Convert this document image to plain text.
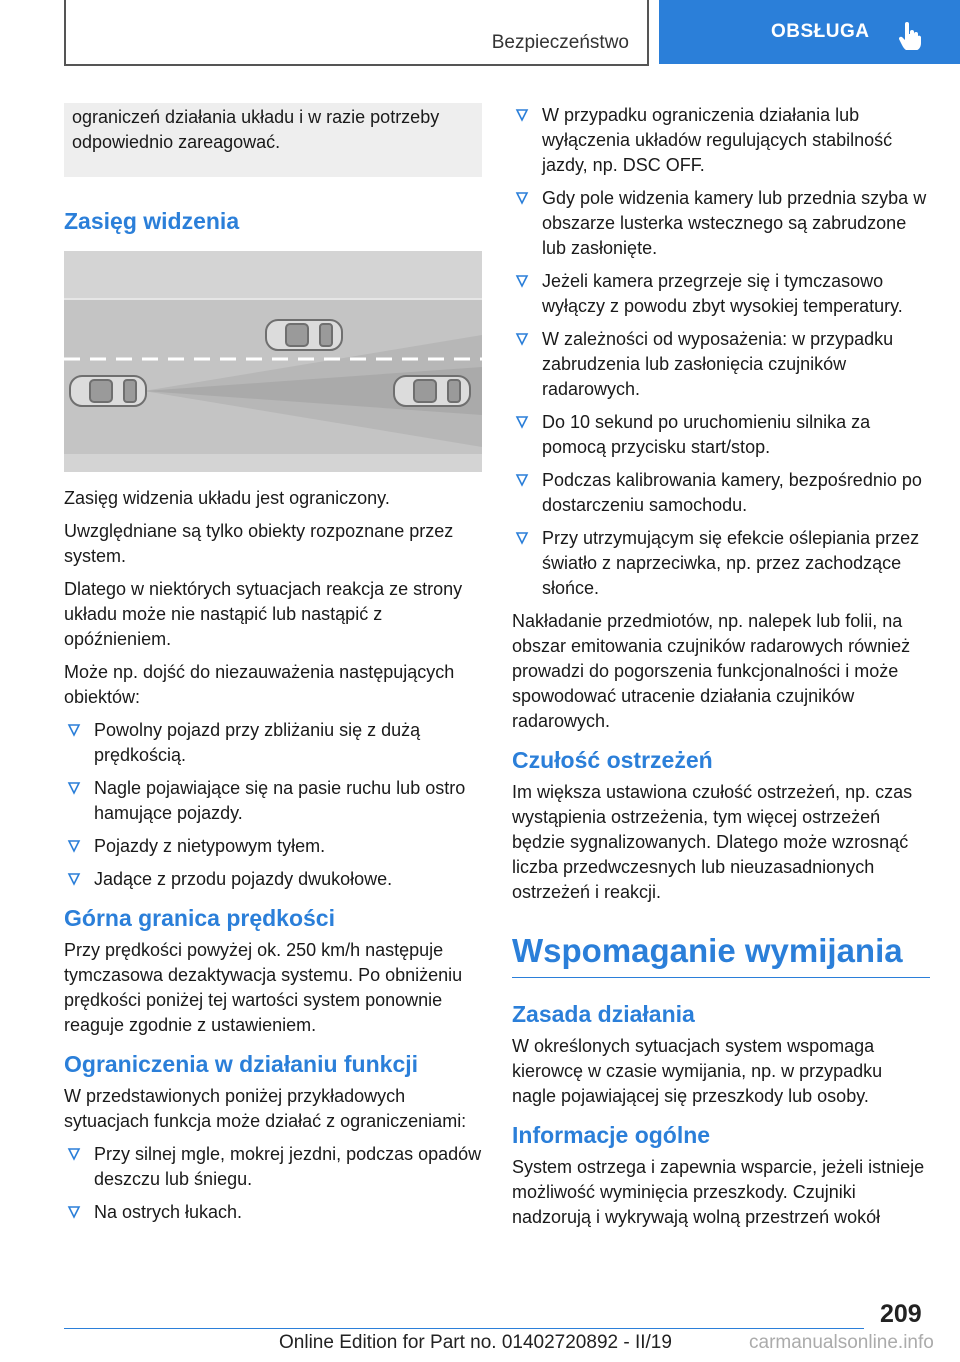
Bezpieczeństwo
OBSŁUGA
ograniczeń działania układu i w razie potrzeby odpowiednio zareagować.
Zasięg widzenia

Zasięg widzenia układu jest ograniczony.

Uwzględniane są tylko obiekty rozpoznane przez system.

Dlatego w niektórych sytuacjach reakcja ze strony układu może nie nastąpić lub nastąpić z opóźnieniem.

Może np. dojść do niezauważenia następujących obiektów:

Powolny pojazd przy zbliżaniu się z dużą prędkością.
Nagle pojawiające się na pasie ruchu lub ostro hamujące pojazdy.
Pojazdy z nietypowym tyłem.
Jadące z przodu pojazdy dwukołowe.
Górna granica prędkości

Przy prędkości powyżej ok. 250 km/h następuje tymczasowa dezaktywacja systemu. Po obniżeniu prędkości poniżej tej wartości system ponownie reaguje zgodnie z ustawieniem.

Ograniczenia w działaniu funkcji

W przedstawionych poniżej przykładowych sytuacjach funkcja może działać z ograniczeniami:

Przy silnej mgle, mokrej jezdni, podczas opadów deszczu lub śniegu.
Na ostrych łukach.
W przypadku ograniczenia działania lub wyłączenia układów regulujących stabilność jazdy, np. DSC OFF.
Gdy pole widzenia kamery lub przednia szyba w obszarze lusterka wstecznego są zabrudzone lub zasłonięte.
Jeżeli kamera przegrzeje się i tymczasowo wyłączy z powodu zbyt wysokiej temperatury.
W zależności od wyposażenia: w przypadku zabrudzenia lub zasłonięcia czujników radarowych.
Do 10 sekund po uruchomieniu silnika za pomocą przycisku start/stop.
Podczas kalibrowania kamery, bezpośrednio po dostarczeniu samochodu.
Przy utrzymującym się efekcie oślepiania przez światło z naprzeciwka, np. przez zachodzące słońce.

Nakładanie przedmiotów, np. nalepek lub folii, na obszar emitowania czujników radarowych również prowadzi do pogorszenia funkcjonalności i może spowodować utracenie działania czujników radarowych.

Czułość ostrzeżeń

Im większa ustawiona czułość ostrzeżeń, np. czas wystąpienia ostrzeżenia, tym więcej ostrzeżeń będzie sygnalizowanych. Dlatego może wzrosnąć liczba przedwczesnych lub nieuzasadnionych ostrzeżeń i reakcji.

Wspomaganie wymijania
Zasada działania

W określonych sytuacjach system wspomaga kierowcę w czasie wymijania, np. w przypadku nagle pojawiającej się przeszkody lub osoby.

Informacje ogólne

System ostrzega i zapewnia wsparcie, jeżeli istnieje możliwość wyminięcia przeszkody. Czujniki nadzorują i wykrywają wolną przestrzeń wokół

209
Online Edition for Part no. 01402720892 - II/19	carmanualsonline.info
